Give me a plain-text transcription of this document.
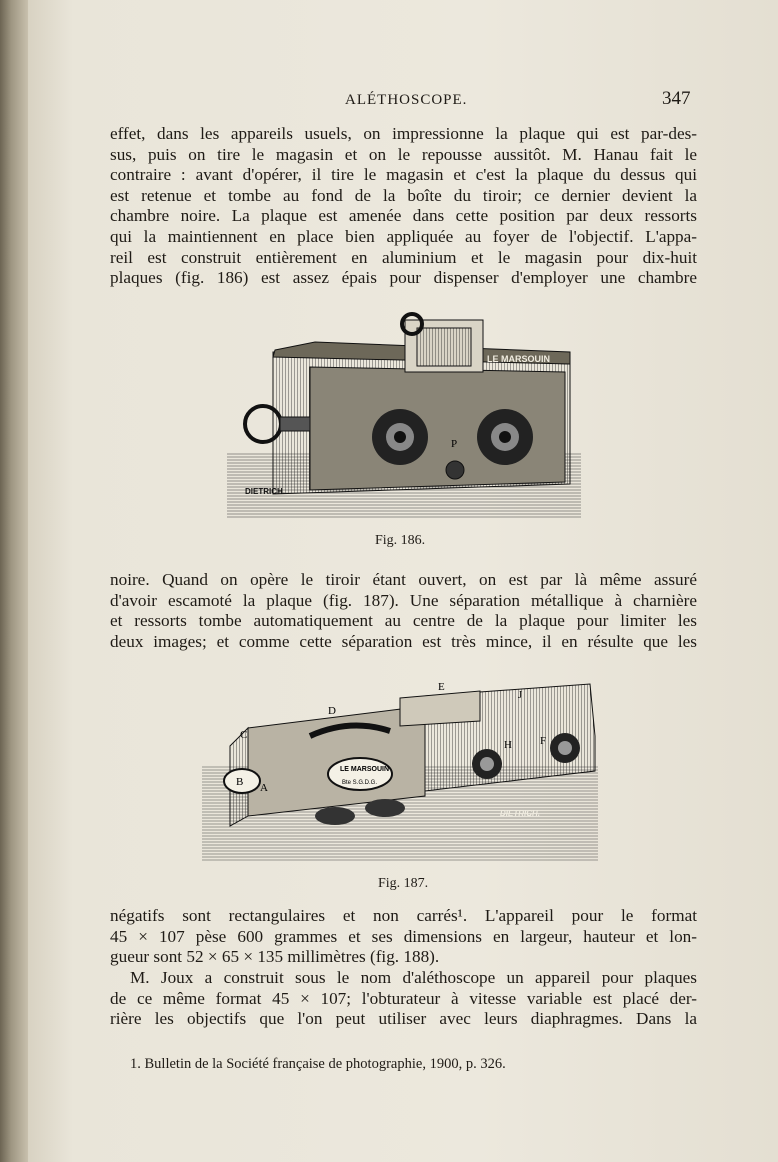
ALÉTHOSCOPE.	347

effet, dans les appareils usuels, on impressionne la plaque qui est par-des-
sus, puis on tire le magasin et on le repousse aussitôt. M. Hanau fait le
contraire : avant d'opérer, il tire le magasin et c'est la plaque du dessus qui
est retenue et tombe au fond de la boîte du tiroir; ce dernier devient la
chambre noire. La plaque est amenée dans cette position par deux ressorts
qui la maintiennent en place bien appliquée au foyer de l'objectif. L'appa-
reil est construit entièrement en aluminium et le magasin pour dix-huit
plaques (fig. 186) est assez épais pour dispenser d'employer une chambre

P
LE MARSOUIN
DIETRICH.
Fig. 186.

noire. Quand on opère le tiroir étant ouvert, on est par là même assuré
d'avoir escamoté la plaque (fig. 187). Une séparation métallique à charnière
et ressorts tombe automatiquement au centre de la plaque pour limiter les
deux images; et comme cette séparation est très mince, il en résulte que les

LE MARSOUIN
Bte S.G.D.G.
B A
C
D
E
J
H	F
DIETRICH.
Fig. 187.

négatifs sont rectangulaires et non carrés¹. L'appareil pour le format
45 × 107 pèse 600 grammes et ses dimensions en largeur, hauteur et lon-
gueur sont 52 × 65 × 135 millimètres (fig. 188).

M. Joux a construit sous le nom d'aléthoscope un appareil pour plaques
de ce même format 45 × 107; l'obturateur à vitesse variable est placé der-
rière les objectifs que l'on peut utiliser avec leurs diaphragmes. Dans la

1. Bulletin de la Société française de photographie, 1900, p. 326.
